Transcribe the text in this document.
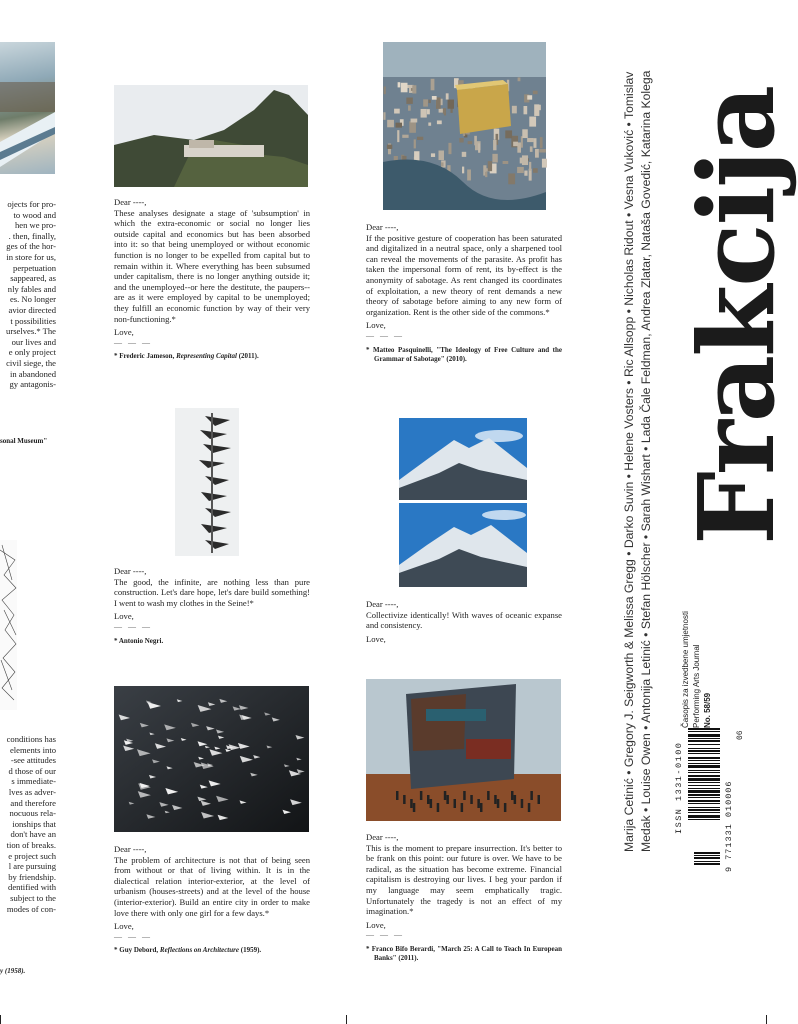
ojects for pro-
to wood and
hen we pro-
. then, finally,
ges of the hor-
in store for us,
perpetuation
sappeared, as
nly fables and
es. No longer
avior directed
t possibilities
urselves.* The
our lives and
e only project
civil siege, the
in abandoned
gy antagonis-
sonal Museum"
conditions has
elements into
-see attitudes
d those of our
s immediate-
lves as adver-
and therefore
nocuous rela-
ionships that
don't have an
tion of breaks.
e project such
l are pursuing
by friendship.
dentified with
subject to the
modes of con-
y (1958).

Dear ----,

These analyses designate a stage of 'subsumption' in which the extra-economic or social no longer lies outside capital and economics but has been absorbed into it: so that being unemployed or without economic function is no longer to be expelled from capital but to remain within it. Where everything has been subsumed under capitalism, there is no longer anything outside it; and the unemployed--or here the destitute, the paupers--are as it were employed by capital to be unemployed; they fulfill an economic function by way of their very non-functioning.*

Love,

— — —

* Frederic Jameson, Representing Capital (2011).

Dear ----,

The good, the infinite, are nothing less than pure construction. Let's dare hope, let's dare build something! I went to wash my clothes in the Seine!*

Love,

— — —

* Antonio Negri.

Dear ----,

The problem of architecture is not that of being seen from without or that of living within. It is in the dialectical relation interior-exterior, at the level of urbanism (houses-streets) and at the level of the house (interior-exterior). Build an entire city in order to make love there with only one girl for a few days.*

Love,

— — —

* Guy Debord, Reflections on Architecture (1959).

Dear ----,

If the positive gesture of cooperation has been saturated and digitalized in a neutral space, only a sharpened tool can reveal the movements of the parasite. As profit has taken the impersonal form of rent, its by-effect is the anonymity of sabotage. As rent changed its coordinates of exploitation, a new theory of rent demands a new theory of sabotage before aiming to any new form of organization. Rent is the other side of the commons.*

Love,

— — —

* Matteo Pasquinelli, "The Ideology of Free Culture and the Grammar of Sabotage" (2010).

Dear ----,

Collectivize identically! With waves of oceanic expanse and consistency.

Love,

Dear ----,

This is the moment to prepare insurrection. It's better to be frank on this point: our future is over. We have to be radical, as the situation has become extreme. Financial capitalism is destroying our lives. I beg your pardon if my language may seem emphatically tragic. Unfortunately the tragedy is not an effect of my imagination.*

Love,

— — —

* Franco Bifo Berardi, "March 25: A Call to Teach In European Banks" (2011).

Marija Cetinić • Gregory J. Seigworth & Melissa Gregg • Darko Suvin • Helene Vosters • Ric Allsopp • Nicholas Ridout • Vesna Vuković • Tomislav Medak • Louise Owen • Antonija Letinić • Stefan Hölscher • Sarah Wishart • Lada Čale Feldman, Andrea Zlatar, Nataša Govedić, Katarina Kolega Frakcija
Časopis za izvedbene umjetnosti Performing Arts Journal No. 58/59
ISSN 1331-0100	9 771331 010006
06
